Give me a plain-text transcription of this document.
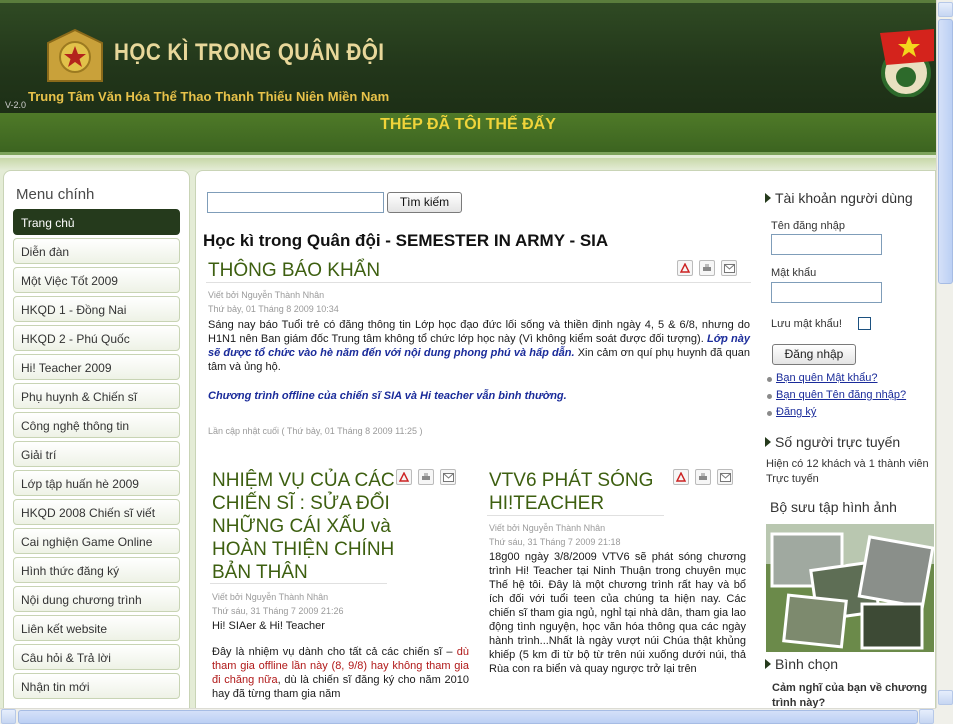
HỌC KÌ TRONG QUÂN ĐỘI
Trung Tâm Văn Hóa Thể Thao Thanh Thiếu Niên Miền Nam
V-2.0
THÉP ĐÃ TÔI THẾ ĐẤY
Menu chính
Trang chủ
Diễn đàn
Một Việc Tốt 2009
HKQD 1 - Đồng Nai
HKQD 2 - Phú Quốc
Hi! Teacher 2009
Phụ huynh & Chiến sĩ
Công nghệ thông tin
Giải trí
Lớp tập huấn hè 2009
HKQD 2008 Chiến sĩ viết
Cai nghiện Game Online
Hình thức đăng ký
Nội dung chương trình
Liên kết website
Câu hỏi & Trả lời
Nhận tin mới
Tìm kiếm
Học kì trong Quân đội - SEMESTER IN ARMY - SIA
THÔNG BÁO KHẨN
Viết bởi Nguyễn Thành Nhân
Thứ bảy, 01 Tháng 8 2009 10:34
Sáng nay báo Tuổi trẻ có đăng thông tin Lớp học đạo đức lối sống và thiền định ngày 4, 5 & 6/8, nhưng do H1N1 nên Ban giám đốc Trung tâm không tổ chức lớp học này (Vì không kiểm soát được đối tượng). Lớp này sẽ được tổ chức vào hè năm đến với nội dung phong phú và hấp dẫn. Xin cảm ơn quí phụ huynh đã quan tâm và ủng hộ.
Chương trình offline của chiến sĩ SIA và Hi teacher vẫn bình thường.
Lần cập nhật cuối ( Thứ bảy, 01 Tháng 8 2009 11:25 )
NHIỆM VỤ CỦA CÁC CHIẾN SĨ : SỬA ĐỔI NHỮNG CÁI XẤU và HOÀN THIỆN CHÍNH BẢN THÂN
Viết bởi Nguyễn Thành Nhân
Thứ sáu, 31 Tháng 7 2009 21:26
Hi! SIAer & Hi! Teacher
Đây là nhiệm vụ dành cho tất cả các chiến sĩ – dù tham gia offline lần này (8, 9/8) hay không tham gia đi chăng nữa, dù là chiến sĩ đăng ký cho năm 2010 hay đã từng tham gia năm
VTV6 PHÁT SÓNG HI!TEACHER
Viết bởi Nguyễn Thành Nhân
Thứ sáu, 31 Tháng 7 2009 21:18
18g00 ngày 3/8/2009 VTV6 sẽ phát sóng chương trình Hi! Teacher tại Ninh Thuận trong chuyên mục Thế hệ tôi. Đây là một chương trình rất hay và bổ ích đối với tuổi teen của chúng ta hiện nay. Các chiến sĩ tham gia ngủ, nghỉ tại nhà dân, tham gia lao động tình nguyện, học văn hóa thông qua các ngày hành trình...Nhất là ngày vượt núi Chúa thật khủng khiếp (5 km đi từ bộ từ trên núi xuống dưới núi, thả Rùa con ra biển và quay ngược trở lại trên
Tài khoản người dùng
Tên đăng nhập
Mật khẩu
Lưu mật khẩu!
Đăng nhập
Bạn quên Mật khẩu?
Bạn quên Tên đăng nhập?
Đăng ký
Số người trực tuyến
Hiện có 12 khách và 1 thành viên Trực tuyến
Bộ sưu tập hình ảnh
Bình chọn
Cảm nghĩ của bạn về chương trình này?
